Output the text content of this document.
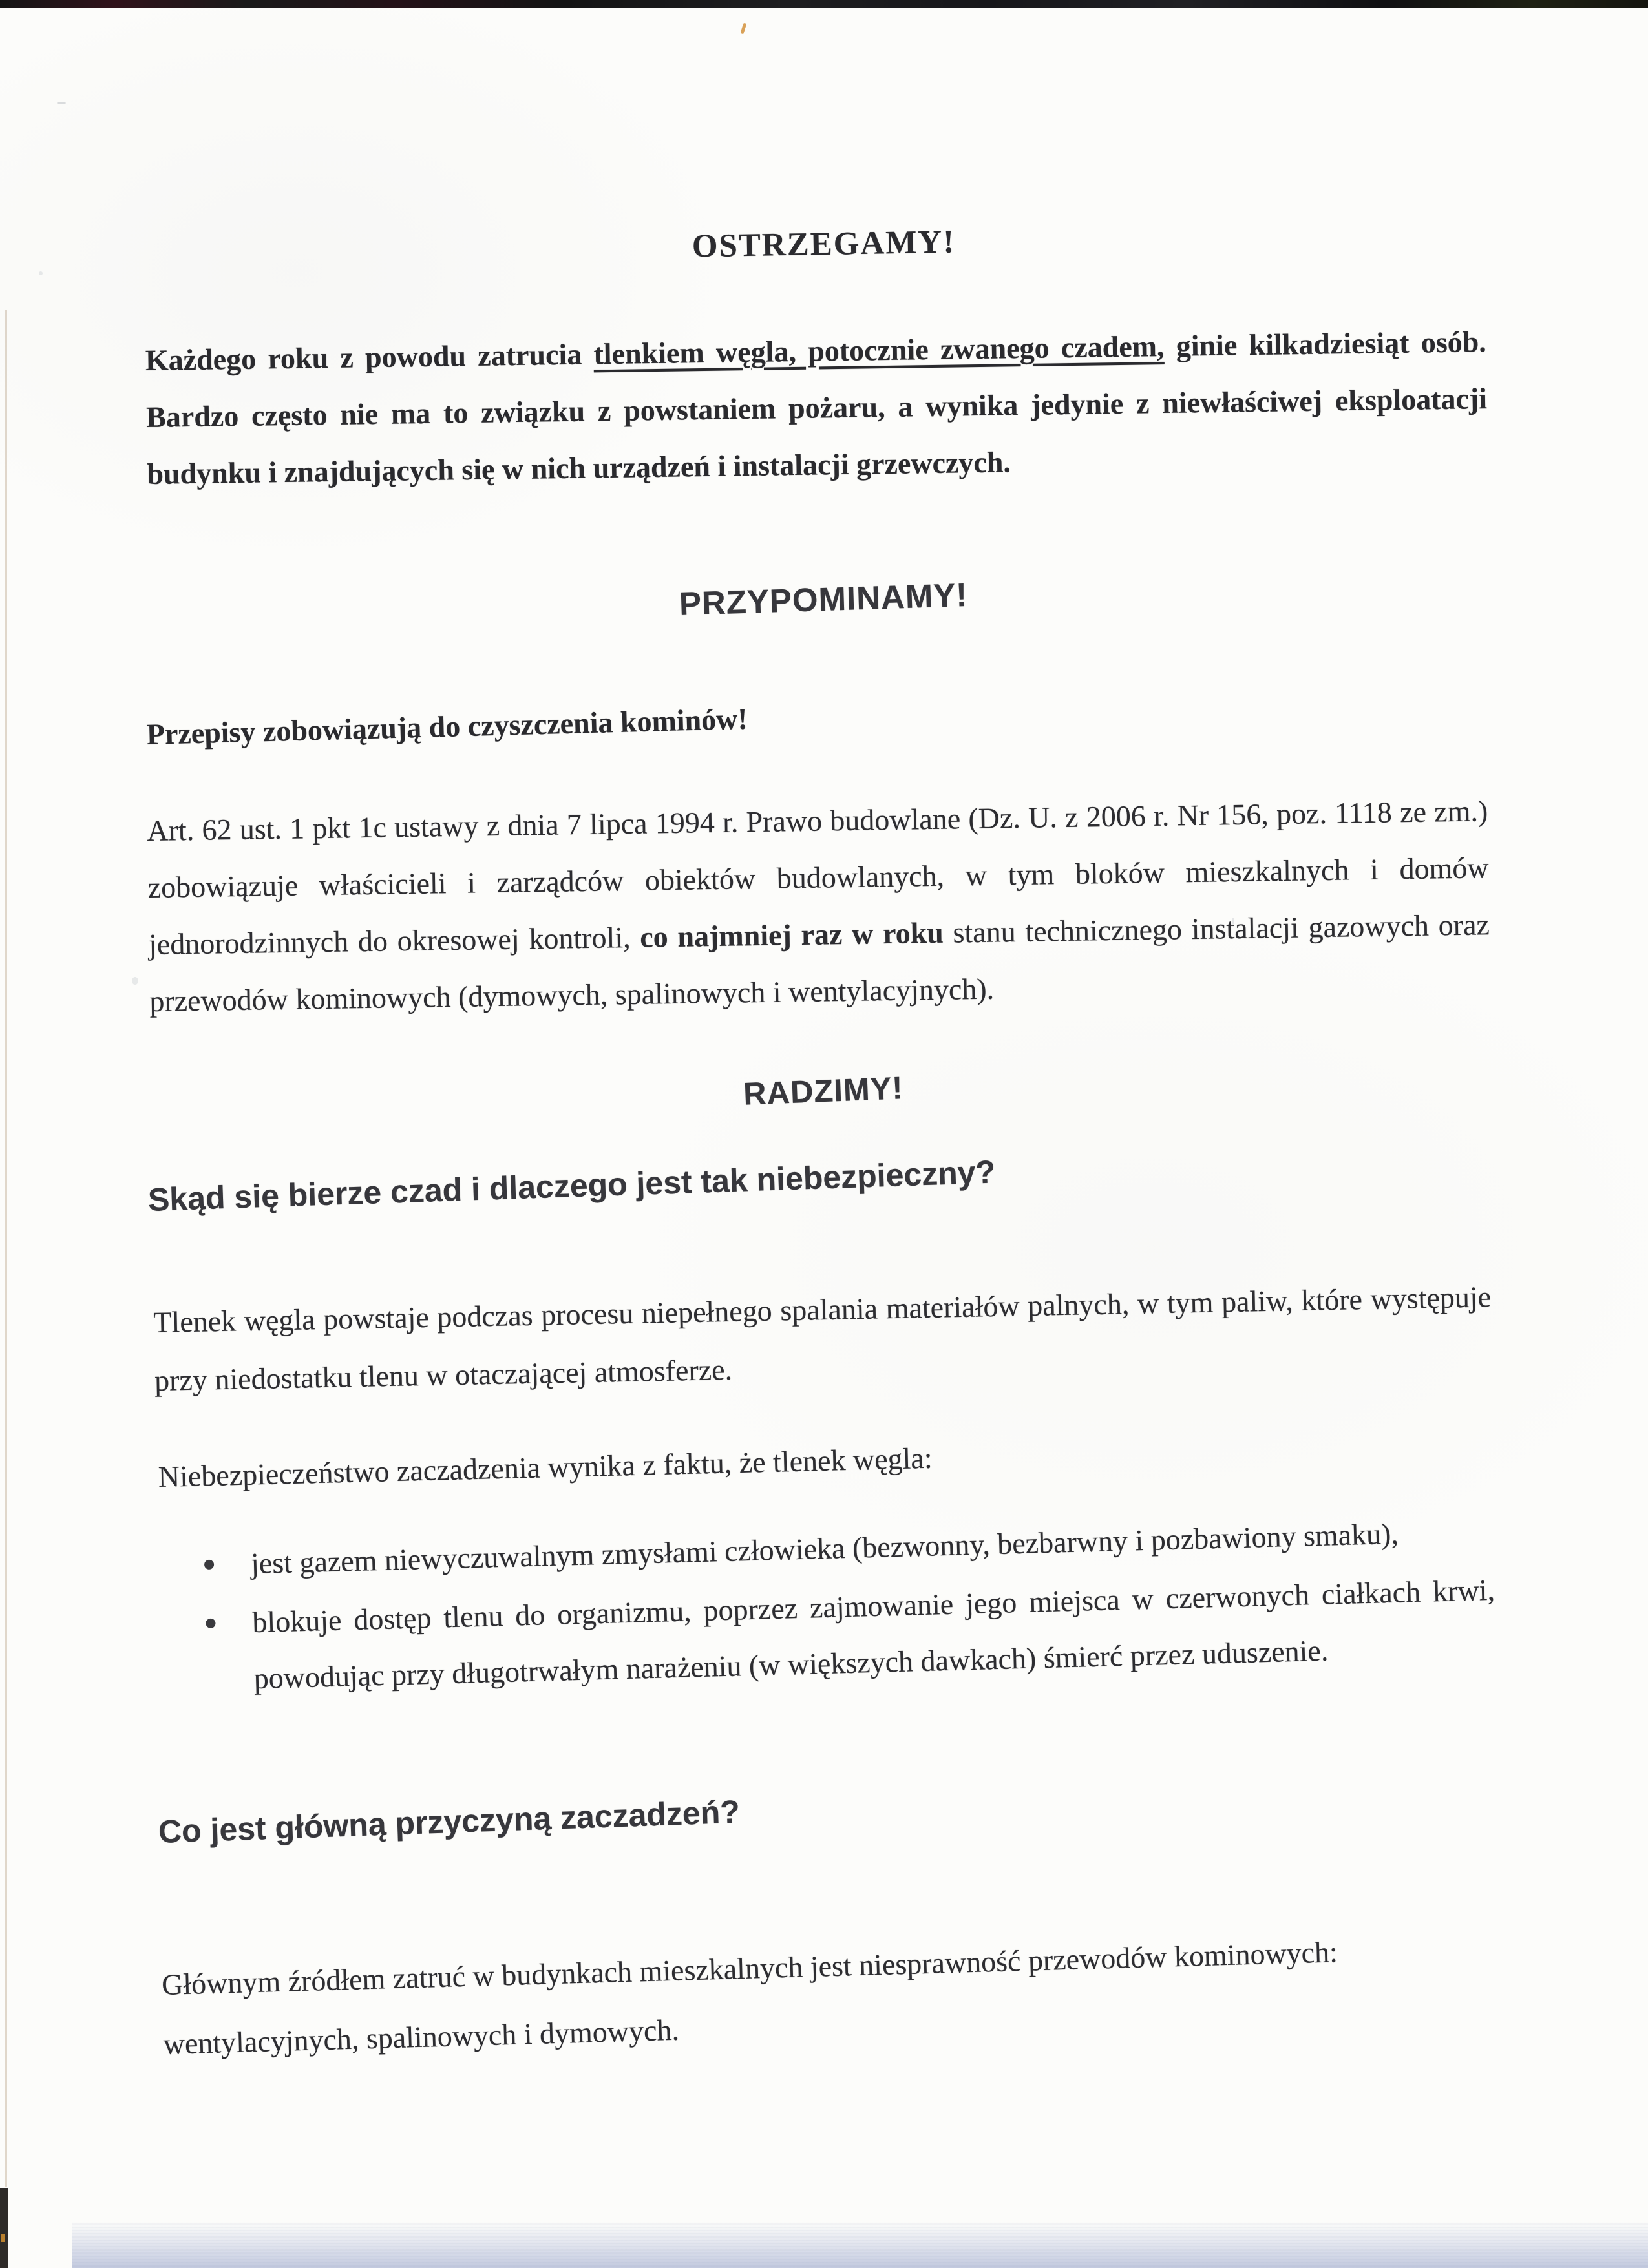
OSTRZEGAMY!

Każdego roku z powodu zatrucia tlenkiem węgla, potocznie zwanego czadem, ginie kilkadziesiąt osób. Bardzo często nie ma to związku z powstaniem pożaru, a wynika jedynie z niewłaściwej eksploatacji budynku i znajdujących się w nich urządzeń i instalacji grzewczych.

PRZYPOMINAMY!

Przepisy zobowiązują do czyszczenia kominów!

Art. 62 ust. 1 pkt 1c ustawy z dnia 7 lipca 1994 r. Prawo budowlane (Dz. U. z 2006 r. Nr 156, poz. 1118 ze zm.) zobowiązuje właścicieli i zarządców obiektów budowlanych, w tym bloków mieszkalnych i domów jednorodzinnych do okresowej kontroli, co najmniej raz w roku stanu technicznego instalacji gazowych oraz przewodów kominowych (dymowych, spalinowych i wentylacyjnych).

RADZIMY!
Skąd się bierze czad i dlaczego jest tak niebezpieczny?

Tlenek węgla powstaje podczas procesu niepełnego spalania materiałów palnych, w tym paliw, które występuje przy niedostatku tlenu w otaczającej atmosferze.

Niebezpieczeństwo zaczadzenia wynika z faktu, że tlenek węgla:

jest gazem niewyczuwalnym zmysłami człowieka (bezwonny, bezbarwny i pozbawiony smaku),
blokuje dostęp tlenu do organizmu, poprzez zajmowanie jego miejsca w czerwonych ciałkach krwi, powodując przy długotrwałym narażeniu (w większych dawkach) śmierć przez uduszenie.
Co jest główną przyczyną zaczadzeń?

Głównym źródłem zatruć w budynkach mieszkalnych jest niesprawność przewodów kominowych: wentylacyjnych, spalinowych i dymowych.
